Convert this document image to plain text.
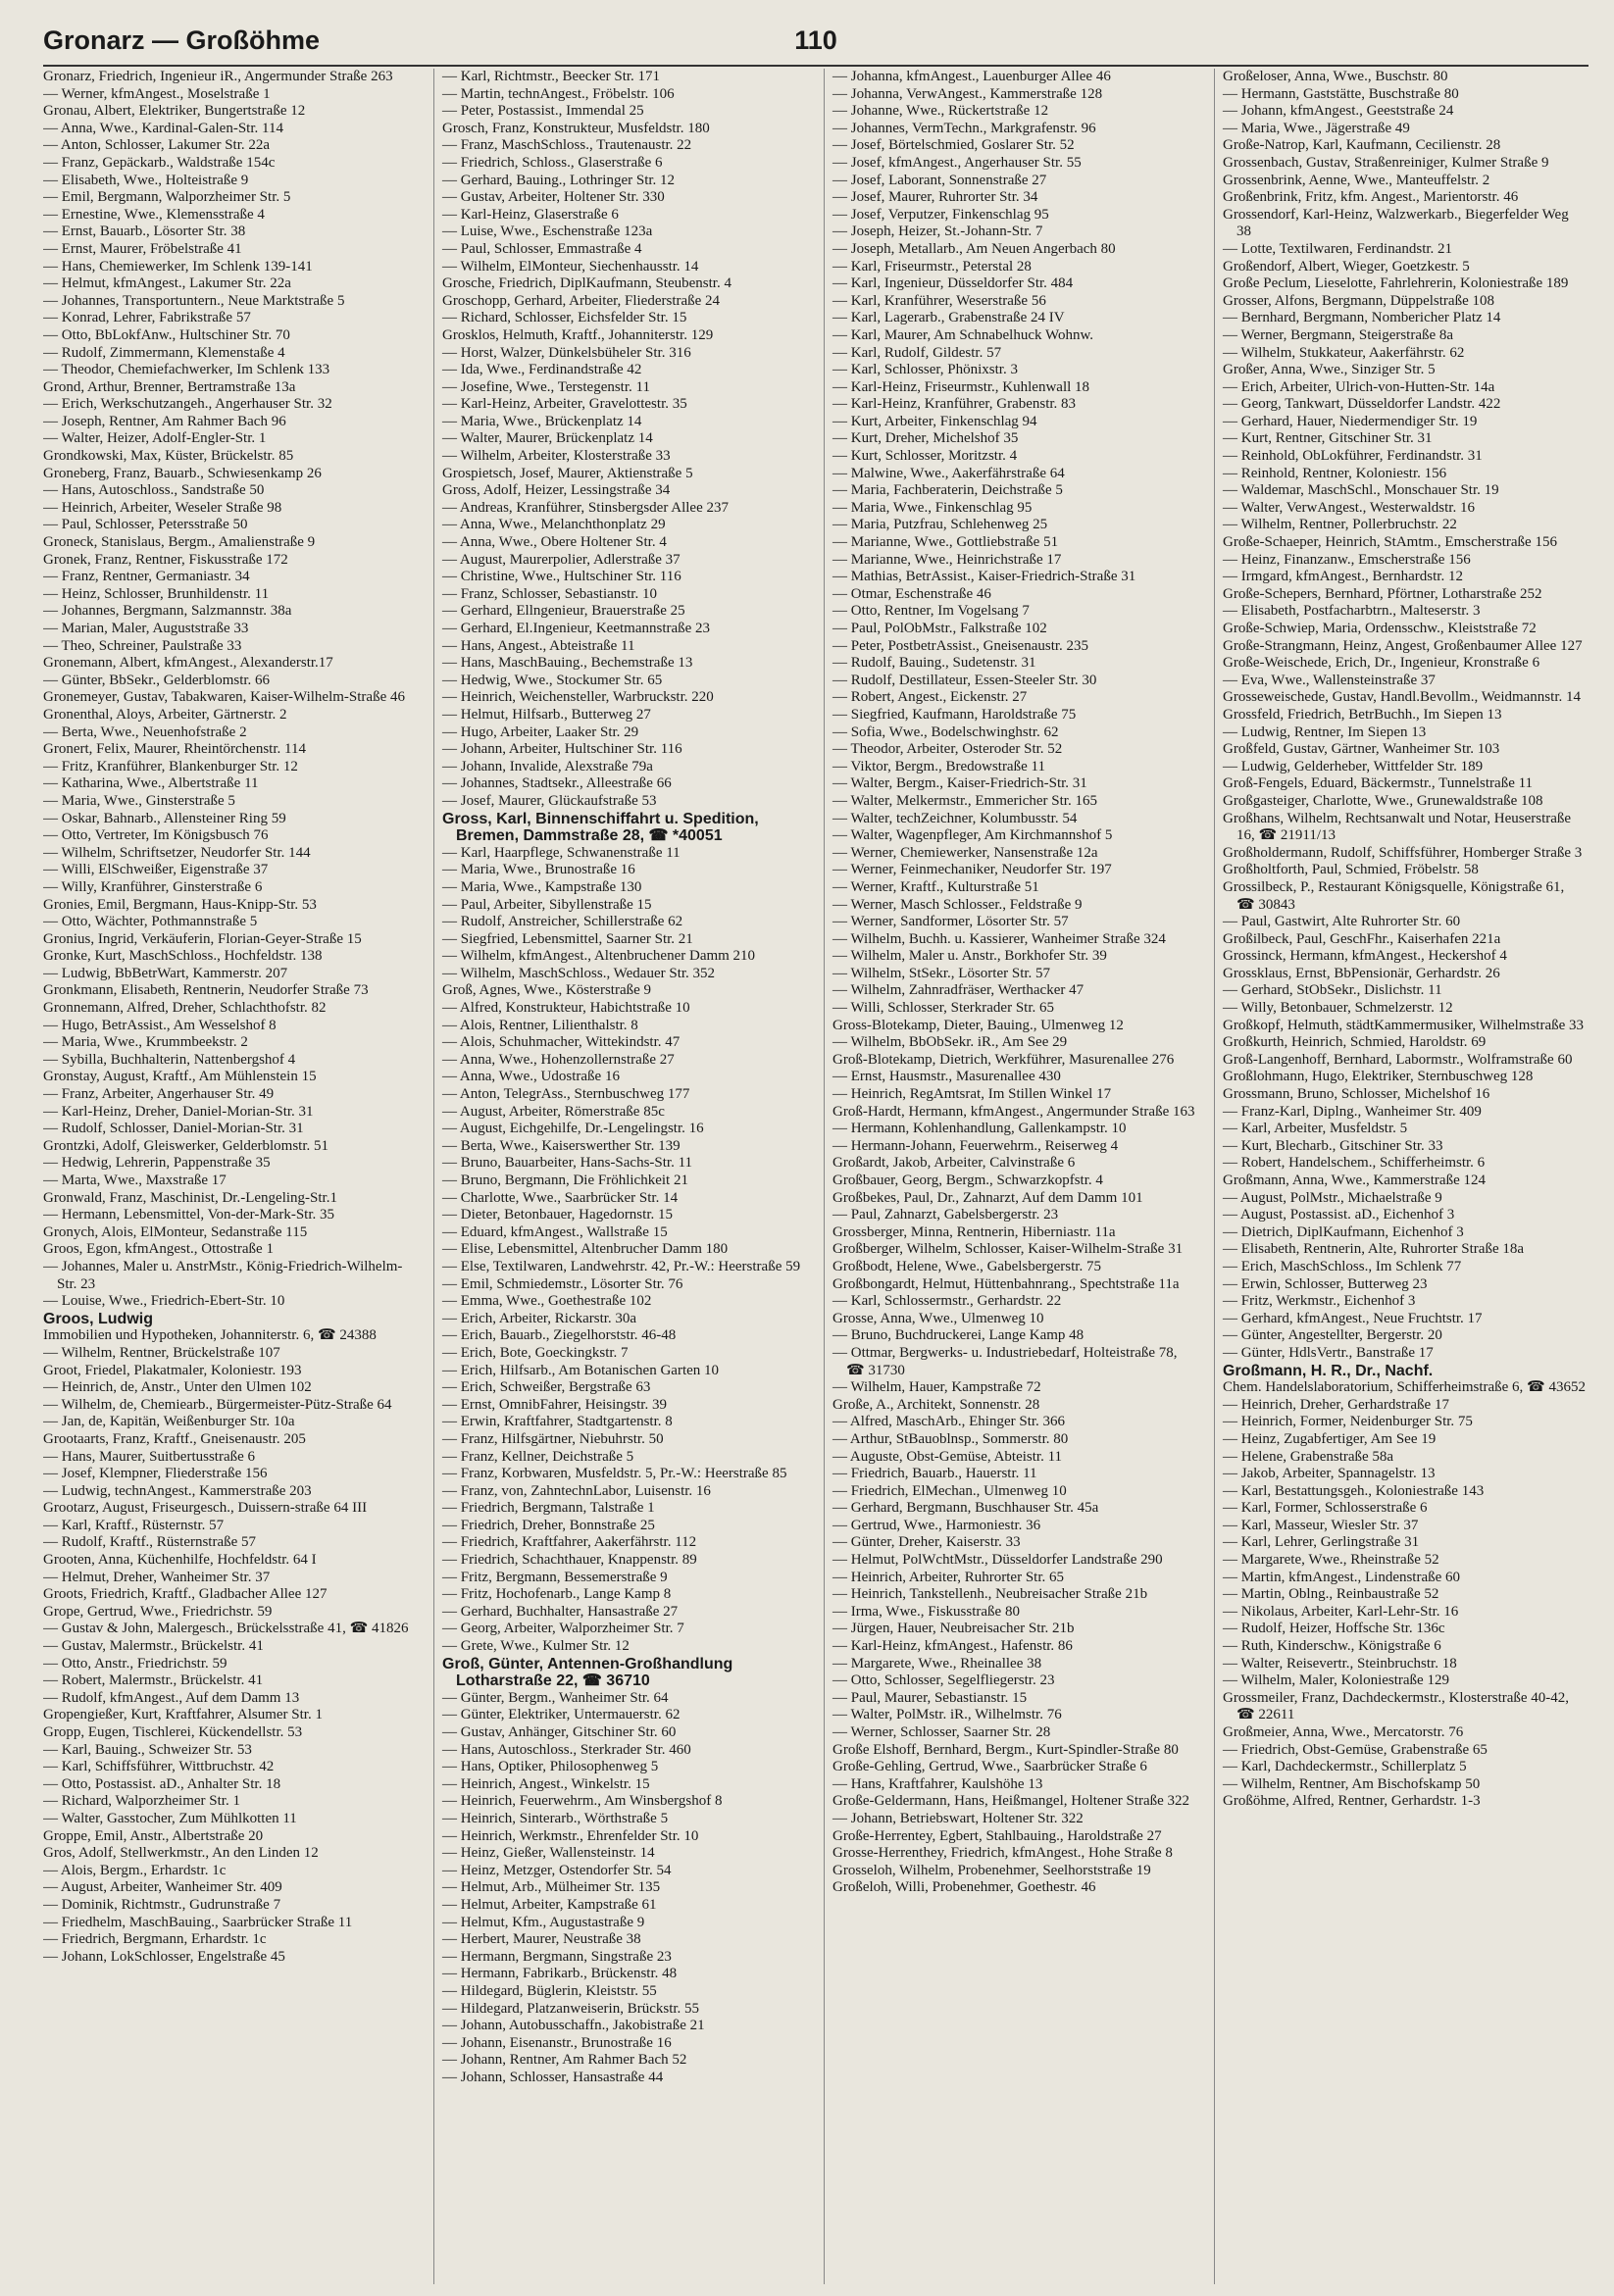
Gronarz — Großöhme	110
Gronarz, Friedrich, Ingenieur iR., Angermunder Straße 263
— Werner, kfmAngest., Moselstraße 1
Gronau, Albert, Elektriker, Bungertstraße 12
— Anna, Wwe., Kardinal-Galen-Str. 114
— Anton, Schlosser, Lakumer Str. 22a
— Franz, Gepäckarb., Waldstraße 154c
— Elisabeth, Wwe., Holteistraße 9
— Emil, Bergmann, Walporzheimer Str. 5
— Ernestine, Wwe., Klemensstraße 4
— Ernst, Bauarb., Lösorter Str. 38
— Ernst, Maurer, Fröbelstraße 41
— Hans, Chemiewerker, Im Schlenk 139-141
— Helmut, kfmAngest., Lakumer Str. 22a
— Johannes, Transportuntern., Neue Marktstraße 5
— Konrad, Lehrer, Fabrikstraße 57
— Otto, BbLokfAnw., Hultschiner Str. 70
— Rudolf, Zimmermann, Klemenstaße 4
— Theodor, Chemiefachwerker, Im Schlenk 133
Grond, Arthur, Brenner, Bertramstraße 13a
— Erich, Werkschutzangeh., Angerhauser Str. 32
— Joseph, Rentner, Am Rahmer Bach 96
— Walter, Heizer, Adolf-Engler-Str. 1
Grondkowski, Max, Küster, Brückelstr. 85
Groneberg, Franz, Bauarb., Schwiesenkamp 26
— Hans, Autoschloss., Sandstraße 50
— Heinrich, Arbeiter, Weseler Straße 98
— Paul, Schlosser, Petersstraße 50
Groneck, Stanislaus, Bergm., Amalienstraße 9
Gronek, Franz, Rentner, Fiskusstraße 172
— Franz, Rentner, Germaniastr. 34
— Heinz, Schlosser, Brunhildenstr. 11
— Johannes, Bergmann, Salzmannstr. 38a
— Marian, Maler, Auguststraße 33
— Theo, Schreiner, Paulstraße 33
Gronemann, Albert, kfmAngest., Alexanderstr.17
— Günter, BbSekr., Gelderblomstr. 66
Gronemeyer, Gustav, Tabakwaren, Kaiser-Wilhelm-Straße 46
Gronenthal, Aloys, Arbeiter, Gärtnerstr. 2
— Berta, Wwe., Neuenhofstraße 2
Gronert, Felix, Maurer, Rheintörchenstr. 114
— Fritz, Kranführer, Blankenburger Str. 12
— Katharina, Wwe., Albertstraße 11
— Maria, Wwe., Ginsterstraße 5
— Oskar, Bahnarb., Allensteiner Ring 59
— Otto, Vertreter, Im Königsbusch 76
— Wilhelm, Schriftsetzer, Neudorfer Str. 144
— Willi, ElSchweißer, Eigenstraße 37
— Willy, Kranführer, Ginsterstraße 6
Gronies, Emil, Bergmann, Haus-Knipp-Str. 53
— Otto, Wächter, Pothmannstraße 5
Gronius, Ingrid, Verkäuferin, Florian-Geyer-Straße 15
Gronke, Kurt, MaschSchloss., Hochfeldstr. 138
— Ludwig, BbBetrWart, Kammerstr. 207
Gronkmann, Elisabeth, Rentnerin, Neudorfer Straße 73
Gronnemann, Alfred, Dreher, Schlachthofstr. 82
— Hugo, BetrAssist., Am Wesselshof 8
— Maria, Wwe., Krummbeekstr. 2
— Sybilla, Buchhalterin, Nattenbergshof 4
Gronstay, August, Kraftf., Am Mühlenstein 15
— Franz, Arbeiter, Angerhauser Str. 49
— Karl-Heinz, Dreher, Daniel-Morian-Str. 31
— Rudolf, Schlosser, Daniel-Morian-Str. 31
Grontzki, Adolf, Gleiswerker, Gelderblomstr. 51
— Hedwig, Lehrerin, Pappenstraße 35
— Marta, Wwe., Maxstraße 17
Gronwald, Franz, Maschinist, Dr.-Lengeling-Str.1
— Hermann, Lebensmittel, Von-der-Mark-Str. 35
Gronych, Alois, ElMonteur, Sedanstraße 115
Groos, Egon, kfmAngest., Ottostraße 1
— Johannes, Maler u. AnstrMstr., König-Friedrich-Wilhelm-Str. 23
— Louise, Wwe., Friedrich-Ebert-Str. 10
Groos, Ludwig
Immobilien und Hypotheken, Johanniterstr. 6, ☎ 24388
— Wilhelm, Rentner, Brückelstraße 107
Groot, Friedel, Plakatmaler, Koloniestr. 193
— Heinrich, de, Anstr., Unter den Ulmen 102
— Wilhelm, de, Chemiearb., Bürgermeister-Pütz-Straße 64
— Jan, de, Kapitän, Weißenburger Str. 10a
Grootaarts, Franz, Kraftf., Gneisenaustr. 205
— Hans, Maurer, Suitbertusstraße 6
— Josef, Klempner, Fliederstraße 156
— Ludwig, technAngest., Kammerstraße 203
Grootarz, August, Friseurgesch., Duissern-straße 64 III
— Karl, Kraftf., Rüsternstr. 57
— Rudolf, Kraftf., Rüsternstraße 57
Grooten, Anna, Küchenhilfe, Hochfeldstr. 64 I
— Helmut, Dreher, Wanheimer Str. 37
Groots, Friedrich, Kraftf., Gladbacher Allee 127
Grope, Gertrud, Wwe., Friedrichstr. 59
— Gustav & John, Malergesch., Brückelsstraße 41, ☎ 41826
— Gustav, Malermstr., Brückelstr. 41
— Otto, Anstr., Friedrichstr. 59
— Robert, Malermstr., Brückelstr. 41
— Rudolf, kfmAngest., Auf dem Damm 13
Gropengießer, Kurt, Kraftfahrer, Alsumer Str. 1
Gropp, Eugen, Tischlerei, Kückendellstr. 53
— Karl, Bauing., Schweizer Str. 53
— Karl, Schiffsführer, Wittbruchstr. 42
— Otto, Postassist. aD., Anhalter Str. 18
— Richard, Walporzheimer Str. 1
— Walter, Gasstocher, Zum Mühlkotten 11
Groppe, Emil, Anstr., Albertstraße 20
Gros, Adolf, Stellwerkmstr., An den Linden 12
— Alois, Bergm., Erhardstr. 1c
— August, Arbeiter, Wanheimer Str. 409
— Dominik, Richtmstr., Gudrunstraße 7
— Friedhelm, MaschBauing., Saarbrücker Straße 11
— Friedrich, Bergmann, Erhardstr. 1c
— Johann, LokSchlosser, Engelstraße 45
— Karl, Richtmstr., Beecker Str. 171
— Martin, technAngest., Fröbelstr. 106
— Peter, Postassist., Immendal 25
Grosch, Franz, Konstrukteur, Musfeldstr. 180
— Franz, MaschSchloss., Trautenaustr. 22
— Friedrich, Schloss., Glaserstraße 6
— Gerhard, Bauing., Lothringer Str. 12
— Gustav, Arbeiter, Holtener Str. 330
— Karl-Heinz, Glaserstraße 6
— Luise, Wwe., Eschenstraße 123a
— Paul, Schlosser, Emmastraße 4
— Wilhelm, ElMonteur, Siechenhausstr. 14
Grosche, Friedrich, DiplKaufmann, Steubenstr. 4
Groschopp, Gerhard, Arbeiter, Fliederstraße 24
— Richard, Schlosser, Eichsfelder Str. 15
Grosklos, Helmuth, Kraftf., Johanniterstr. 129
— Horst, Walzer, Dünkelsbüheler Str. 316
— Ida, Wwe., Ferdinandstraße 42
— Josefine, Wwe., Terstegenstr. 11
— Karl-Heinz, Arbeiter, Gravelottestr. 35
— Maria, Wwe., Brückenplatz 14
— Walter, Maurer, Brückenplatz 14
— Wilhelm, Arbeiter, Klosterstraße 33
Grospietsch, Josef, Maurer, Aktienstraße 5
Gross, Adolf, Heizer, Lessingstraße 34
— Andreas, Kranführer, Stinsbergsder Allee 237
— Anna, Wwe., Melanchthonplatz 29
— Anna, Wwe., Obere Holtener Str. 4
— August, Maurerpolier, Adlerstraße 37
— Christine, Wwe., Hultschiner Str. 116
— Franz, Schlosser, Sebastianstr. 10
— Gerhard, Ellngenieur, Brauerstraße 25
— Gerhard, El.Ingenieur, Keetmannstraße 23
— Hans, Angest., Abteistraße 11
— Hans, MaschBauing., Bechemstraße 13
— Hedwig, Wwe., Stockumer Str. 65
— Heinrich, Weichensteller, Warbruckstr. 220
— Helmut, Hilfsarb., Butterweg 27
— Hugo, Arbeiter, Laaker Str. 29
— Johann, Arbeiter, Hultschiner Str. 116
— Johann, Invalide, Alexstraße 79a
— Johannes, Stadtsekr., Alleestraße 66
— Josef, Maurer, Glückaufstraße 53
Gross, Karl, Binnenschiffahrt u. Spedition, Bremen, Dammstraße 28, ☎ *40051
— Karl, Haarpflege, Schwanenstraße 11
— Maria, Wwe., Brunostraße 16
— Maria, Wwe., Kampstraße 130
— Paul, Arbeiter, Sibyllenstraße 15
— Rudolf, Anstreicher, Schillerstraße 62
— Siegfried, Lebensmittel, Saarner Str. 21
— Wilhelm, kfmAngest., Altenbruchener Damm 210
— Wilhelm, MaschSchloss., Wedauer Str. 352
Groß, Agnes, Wwe., Kösterstraße 9
— Alfred, Konstrukteur, Habichtstraße 10
— Alois, Rentner, Lilienthalstr. 8
— Alois, Schuhmacher, Wittekindstr. 47
— Anna, Wwe., Hohenzollernstraße 27
— Anna, Wwe., Udostraße 16
— Anton, TelegrAss., Sternbuschweg 177
— August, Arbeiter, Römerstraße 85c
— August, Eichgehilfe, Dr.-Lengelingstr. 16
— Berta, Wwe., Kaiserswerther Str. 139
— Bruno, Bauarbeiter, Hans-Sachs-Str. 11
— Bruno, Bergmann, Die Fröhlichkeit 21
— Charlotte, Wwe., Saarbrücker Str. 14
— Dieter, Betonbauer, Hagedornstr. 15
— Eduard, kfmAngest., Wallstraße 15
— Elise, Lebensmittel, Altenbrucher Damm 180
— Else, Textilwaren, Landwehrstr. 42, Pr.-W.: Heerstraße 59
— Emil, Schmiedemstr., Lösorter Str. 76
— Emma, Wwe., Goethestraße 102
— Erich, Arbeiter, Rickarstr. 30a
— Erich, Bauarb., Ziegelhorststr. 46-48
— Erich, Bote, Goeckingkstr. 7
— Erich, Hilfsarb., Am Botanischen Garten 10
— Erich, Schweißer, Bergstraße 63
— Ernst, OmnibFahrer, Heisingstr. 39
— Erwin, Kraftfahrer, Stadtgartenstr. 8
— Franz, Hilfsgärtner, Niebuhrstr. 50
— Franz, Kellner, Deichstraße 5
— Franz, Korbwaren, Musfeldstr. 5, Pr.-W.: Heerstraße 85
— Franz, von, ZahntechnLabor, Luisenstr. 16
— Friedrich, Bergmann, Talstraße 1
— Friedrich, Dreher, Bonnstraße 25
— Friedrich, Kraftfahrer, Aakerfährstr. 112
— Friedrich, Schachthauer, Knappenstr. 89
— Fritz, Bergmann, Bessemerstraße 9
— Fritz, Hochofenarb., Lange Kamp 8
— Gerhard, Buchhalter, Hansastraße 27
— Georg, Arbeiter, Walporzheimer Str. 7
— Grete, Wwe., Kulmer Str. 12
Groß, Günter, Antennen-Großhandlung Lotharstraße 22, ☎ 36710
— Günter, Bergm., Wanheimer Str. 64
— Günter, Elektriker, Untermauerstr. 62
— Gustav, Anhänger, Gitschiner Str. 60
— Hans, Autoschloss., Sterkrader Str. 460
— Hans, Optiker, Philosophenweg 5
— Heinrich, Angest., Winkelstr. 15
— Heinrich, Feuerwehrm., Am Winsbergshof 8
— Heinrich, Sinterarb., Wörthstraße 5
— Heinrich, Werkmstr., Ehrenfelder Str. 10
— Heinz, Gießer, Wallensteinstr. 14
— Heinz, Metzger, Ostendorfer Str. 54
— Helmut, Arb., Mülheimer Str. 135
— Helmut, Arbeiter, Kampstraße 61
— Helmut, Kfm., Augustastraße 9
— Herbert, Maurer, Neustraße 38
— Hermann, Bergmann, Singstraße 23
— Hermann, Fabrikarb., Brückenstr. 48
— Hildegard, Büglerin, Kleiststr. 55
— Hildegard, Platzanweiserin, Brückstr. 55
— Johann, Autobusschaffn., Jakobistraße 21
— Johann, Eisenanstr., Brunostraße 16
— Johann, Rentner, Am Rahmer Bach 52
— Johann, Schlosser, Hansastraße 44
— Johanna, kfmAngest., Lauenburger Allee 46
— Johanna, VerwAngest., Kammerstraße 128
— Johanne, Wwe., Rückertstraße 12
— Johannes, VermTechn., Markgrafenstr. 96
— Josef, Börtelschmied, Goslarer Str. 52
— Josef, kfmAngest., Angerhauser Str. 55
— Josef, Laborant, Sonnenstraße 27
— Josef, Maurer, Ruhrorter Str. 34
— Josef, Verputzer, Finkenschlag 95
— Joseph, Heizer, St.-Johann-Str. 7
— Joseph, Metallarb., Am Neuen Angerbach 80
— Karl, Friseurmstr., Peterstal 28
— Karl, Ingenieur, Düsseldorfer Str. 484
— Karl, Kranführer, Weserstraße 56
— Karl, Lagerarb., Grabenstraße 24 IV
— Karl, Maurer, Am Schnabelhuck Wohnw.
— Karl, Rudolf, Gildestr. 57
— Karl, Schlosser, Phönixstr. 3
— Karl-Heinz, Friseurmstr., Kuhlenwall 18
— Karl-Heinz, Kranführer, Grabenstr. 83
— Kurt, Arbeiter, Finkenschlag 94
— Kurt, Dreher, Michelshof 35
— Kurt, Schlosser, Moritzstr. 4
— Malwine, Wwe., Aakerfährstraße 64
— Maria, Fachberaterin, Deichstraße 5
— Maria, Wwe., Finkenschlag 95
— Maria, Putzfrau, Schlehenweg 25
— Marianne, Wwe., Gottliebstraße 51
— Marianne, Wwe., Heinrichstraße 17
— Mathias, BetrAssist., Kaiser-Friedrich-Straße 31
— Otmar, Eschenstraße 46
— Otto, Rentner, Im Vogelsang 7
— Paul, PolObMstr., Falkstraße 102
— Peter, PostbetrAssist., Gneisenaustr. 235
— Rudolf, Bauing., Sudetenstr. 31
— Rudolf, Destillateur, Essen-Steeler Str. 30
— Robert, Angest., Eickenstr. 27
— Siegfried, Kaufmann, Haroldstraße 75
— Sofia, Wwe., Bodelschwinghstr. 62
— Theodor, Arbeiter, Osteroder Str. 52
— Viktor, Bergm., Bredowstraße 11
— Walter, Bergm., Kaiser-Friedrich-Str. 31
— Walter, Melkermstr., Emmericher Str. 165
— Walter, techZeichner, Kolumbusstr. 54
— Walter, Wagenpfleger, Am Kirchmannshof 5
— Werner, Chemiewerker, Nansenstraße 12a
— Werner, Feinmechaniker, Neudorfer Str. 197
— Werner, Kraftf., Kulturstraße 51
— Werner, Masch Schlosser., Feldstraße 9
— Werner, Sandformer, Lösorter Str. 57
— Wilhelm, Buchh. u. Kassierer, Wanheimer Straße 324
— Wilhelm, Maler u. Anstr., Borkhofer Str. 39
— Wilhelm, StSekr., Lösorter Str. 57
— Wilhelm, Zahnradfräser, Werthacker 47
— Willi, Schlosser, Sterkrader Str. 65
Gross-Blotekamp, Dieter, Bauing., Ulmenweg 12
— Wilhelm, BbObSekr. iR., Am See 29
Groß-Blotekamp, Dietrich, Werkführer, Masurenallee 276
— Ernst, Hausmstr., Masurenallee 430
— Heinrich, RegAmtsrat, Im Stillen Winkel 17
Groß-Hardt, Hermann, kfmAngest., Angermunder Straße 163
— Hermann, Kohlenhandlung, Gallenkampstr. 10
— Hermann-Johann, Feuerwehrm., Reiserweg 4
Großardt, Jakob, Arbeiter, Calvinstraße 6
Großbauer, Georg, Bergm., Schwarzkopfstr. 4
Großbekes, Paul, Dr., Zahnarzt, Auf dem Damm 101
— Paul, Zahnarzt, Gabelsbergerstr. 23
Grossberger, Minna, Rentnerin, Hiberniastr. 11a
Großberger, Wilhelm, Schlosser, Kaiser-Wilhelm-Straße 31
Großbodt, Helene, Wwe., Gabelsbergerstr. 75
Großbongardt, Helmut, Hüttenbahnrang., Spechtstraße 11a
— Karl, Schlossermstr., Gerhardstr. 22
Grosse, Anna, Wwe., Ulmenweg 10
— Bruno, Buchdruckerei, Lange Kamp 48
— Ottmar, Bergwerks- u. Industriebedarf, Holteistraße 78, ☎ 31730
— Wilhelm, Hauer, Kampstraße 72
Große, A., Architekt, Sonnenstr. 28
— Alfred, MaschArb., Ehinger Str. 366
— Arthur, StBauoblnsp., Sommerstr. 80
— Auguste, Obst-Gemüse, Abteistr. 11
— Friedrich, Bauarb., Hauerstr. 11
— Friedrich, ElMechan., Ulmenweg 10
— Gerhard, Bergmann, Buschhauser Str. 45a
— Gertrud, Wwe., Harmoniestr. 36
— Günter, Dreher, Kaiserstr. 33
— Helmut, PolWchtMstr., Düsseldorfer Landstraße 290
— Heinrich, Arbeiter, Ruhrorter Str. 65
— Heinrich, Tankstellenh., Neubreisacher Straße 21b
— Irma, Wwe., Fiskusstraße 80
— Jürgen, Hauer, Neubreisacher Str. 21b
— Karl-Heinz, kfmAngest., Hafenstr. 86
— Margarete, Wwe., Rheinallee 38
— Otto, Schlosser, Segelfliegerstr. 23
— Paul, Maurer, Sebastianstr. 15
— Walter, PolMstr. iR., Wilhelmstr. 76
— Werner, Schlosser, Saarner Str. 28
Große Elshoff, Bernhard, Bergm., Kurt-Spindler-Straße 80
Große-Gehling, Gertrud, Wwe., Saarbrücker Straße 6
— Hans, Kraftfahrer, Kaulshöhe 13
Große-Geldermann, Hans, Heißmangel, Holtener Straße 322
— Johann, Betriebswart, Holtener Str. 322
Große-Herrentey, Egbert, Stahlbauing., Haroldstraße 27
Grosse-Herrenthey, Friedrich, kfmAngest., Hohe Straße 8
Grosseloh, Wilhelm, Probenehmer, Seelhorststraße 19
Großeloh, Willi, Probenehmer, Goethestr. 46
Großeloser, Anna, Wwe., Buschstr. 80
— Hermann, Gaststätte, Buschstraße 80
— Johann, kfmAngest., Geeststraße 24
— Maria, Wwe., Jägerstraße 49
Große-Natrop, Karl, Kaufmann, Cecilienstr. 28
Grossenbach, Gustav, Straßenreiniger, Kulmer Straße 9
Grossenbrink, Aenne, Wwe., Manteuffelstr. 2
Großenbrink, Fritz, kfm. Angest., Marientorstr. 46
Grossendorf, Karl-Heinz, Walzwerkarb., Biegerfelder Weg 38
— Lotte, Textilwaren, Ferdinandstr. 21
Großendorf, Albert, Wieger, Goetzkestr. 5
Große Peclum, Lieselotte, Fahrlehrerin, Koloniestraße 189
Grosser, Alfons, Bergmann, Düppelstraße 108
— Bernhard, Bergmann, Nombericher Platz 14
— Werner, Bergmann, Steigerstraße 8a
— Wilhelm, Stukkateur, Aakerfährstr. 62
Großer, Anna, Wwe., Sinziger Str. 5
— Erich, Arbeiter, Ulrich-von-Hutten-Str. 14a
— Georg, Tankwart, Düsseldorfer Landstr. 422
— Gerhard, Hauer, Niedermendiger Str. 19
— Kurt, Rentner, Gitschiner Str. 31
— Reinhold, ObLokführer, Ferdinandstr. 31
— Reinhold, Rentner, Koloniestr. 156
— Waldemar, MaschSchl., Monschauer Str. 19
— Walter, VerwAngest., Westerwaldstr. 16
— Wilhelm, Rentner, Pollerbruchstr. 22
Große-Schaeper, Heinrich, StAmtm., Emscherstraße 156
— Heinz, Finanzanw., Emscherstraße 156
— Irmgard, kfmAngest., Bernhardstr. 12
Große-Schepers, Bernhard, Pförtner, Lotharstraße 252
— Elisabeth, Postfacharbtrn., Malteserstr. 3
Große-Schwiep, Maria, Ordensschw., Kleiststraße 72
Große-Strangmann, Heinz, Angest, Großenbaumer Allee 127
Große-Weischede, Erich, Dr., Ingenieur, Kronstraße 6
— Eva, Wwe., Wallensteinstraße 37
Grosseweischede, Gustav, Handl.Bevollm., Weidmannstr. 14
Grossfeld, Friedrich, BetrBuchh., Im Siepen 13
— Ludwig, Rentner, Im Siepen 13
Großfeld, Gustav, Gärtner, Wanheimer Str. 103
— Ludwig, Gelderheber, Wittfelder Str. 189
Groß-Fengels, Eduard, Bäckermstr., Tunnelstraße 11
Großgasteiger, Charlotte, Wwe., Grunewaldstraße 108
Großhans, Wilhelm, Rechtsanwalt und Notar, Heuserstraße 16, ☎ 21911/13
Großholdermann, Rudolf, Schiffsführer, Homberger Straße 3
Großholtforth, Paul, Schmied, Fröbelstr. 58
Grossilbeck, P., Restaurant Königsquelle, Königstraße 61, ☎ 30843
— Paul, Gastwirt, Alte Ruhrorter Str. 60
Großilbeck, Paul, GeschFhr., Kaiserhafen 221a
Grossinck, Hermann, kfmAngest., Heckershof 4
Grossklaus, Ernst, BbPensionär, Gerhardstr. 26
— Gerhard, StObSekr., Dislichstr. 11
— Willy, Betonbauer, Schmelzerstr. 12
Großkopf, Helmuth, städtKammermusiker, Wilhelmstraße 33
Großkurth, Heinrich, Schmied, Haroldstr. 69
Groß-Langenhoff, Bernhard, Labormstr., Wolframstraße 60
Großlohmann, Hugo, Elektriker, Sternbuschweg 128
Grossmann, Bruno, Schlosser, Michelshof 16
— Franz-Karl, Diplng., Wanheimer Str. 409
— Karl, Arbeiter, Musfeldstr. 5
— Kurt, Blecharb., Gitschiner Str. 33
— Robert, Handelschem., Schifferheimstr. 6
Großmann, Anna, Wwe., Kammerstraße 124
— August, PolMstr., Michaelstraße 9
— August, Postassist. aD., Eichenhof 3
— Dietrich, DiplKaufmann, Eichenhof 3
— Elisabeth, Rentnerin, Alte, Ruhrorter Straße 18a
— Erich, MaschSchloss., Im Schlenk 77
— Erwin, Schlosser, Butterweg 23
— Fritz, Werkmstr., Eichenhof 3
— Gerhard, kfmAngest., Neue Fruchtstr. 17
— Günter, Angestellter, Bergerstr. 20
— Günter, HdlsVertr., Banstraße 17
Großmann, H. R., Dr., Nachf.
Chem. Handelslaboratorium, Schifferheimstraße 6, ☎ 43652
— Heinrich, Dreher, Gerhardstraße 17
— Heinrich, Former, Neidenburger Str. 75
— Heinz, Zugabfertiger, Am See 19
— Helene, Grabenstraße 58a
— Jakob, Arbeiter, Spannagelstr. 13
— Karl, Bestattungsgeh., Koloniestraße 143
— Karl, Former, Schlosserstraße 6
— Karl, Masseur, Wiesler Str. 37
— Karl, Lehrer, Gerlingstraße 31
— Margarete, Wwe., Rheinstraße 52
— Martin, kfmAngest., Lindenstraße 60
— Martin, Oblng., Reinbaustraße 52
— Nikolaus, Arbeiter, Karl-Lehr-Str. 16
— Rudolf, Heizer, Hoffsche Str. 136c
— Ruth, Kinderschw., Königstraße 6
— Walter, Reisevertr., Steinbruchstr. 18
— Wilhelm, Maler, Koloniestraße 129
Grossmeiler, Franz, Dachdeckermstr., Klosterstraße 40-42, ☎ 22611
Großmeier, Anna, Wwe., Mercatorstr. 76
— Friedrich, Obst-Gemüse, Grabenstraße 65
— Karl, Dachdeckermstr., Schillerplatz 5
— Wilhelm, Rentner, Am Bischofskamp 50
Großöhme, Alfred, Rentner, Gerhardstr. 1-3
